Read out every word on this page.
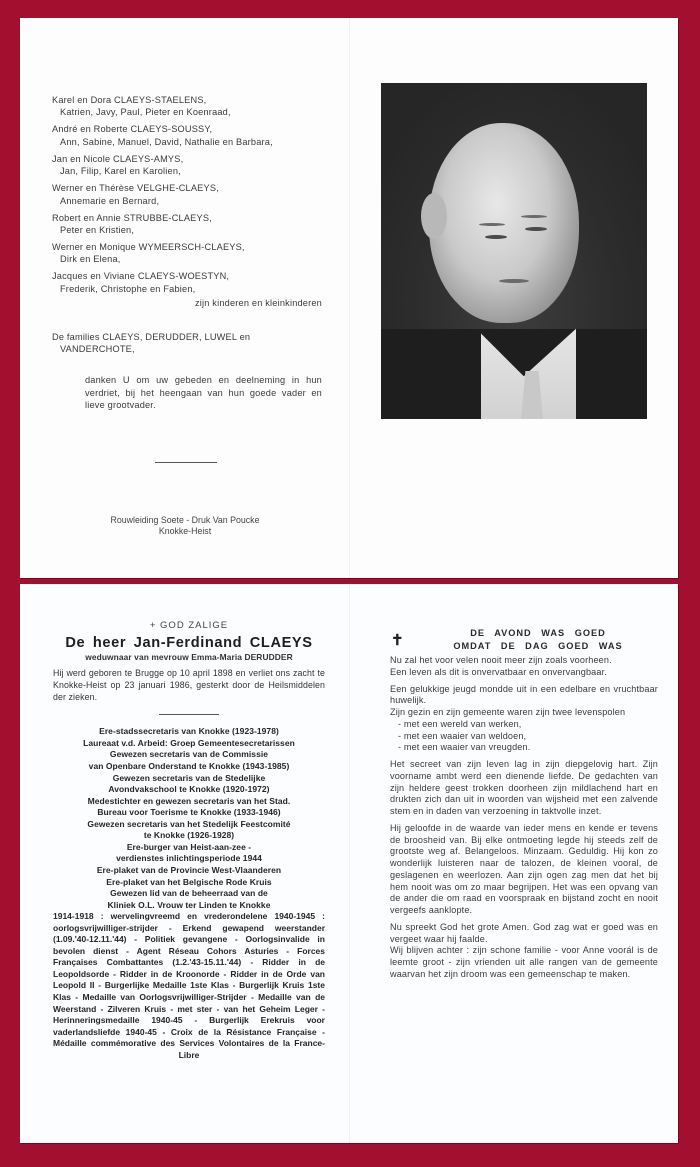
Karel en Dora CLAEYS-STAELENS,
Katrien, Javy, Paul, Pieter en Koenraad,
André en Roberte CLAEYS-SOUSSY,
Ann, Sabine, Manuel, David, Nathalie en Barbara,
Jan en Nicole CLAEYS-AMYS,
Jan, Filip, Karel en Karolien,
Werner en Thérèse VELGHE-CLAEYS,
Annemarie en Bernard,
Robert en Annie STRUBBE-CLAEYS,
Peter en Kristien,
Werner en Monique WYMEERSCH-CLAEYS,
Dirk en Elena,
Jacques en Viviane CLAEYS-WOESTYN,
Frederik, Christophe en Fabien,
zijn kinderen en kleinkinderen
De families CLAEYS, DERUDDER, LUWEL en
VANDERCHOTE,
danken U om uw gebeden en deelneming in hun verdriet, bij het heengaan van hun goede vader en lieve grootvader.
Rouwleiding Soete - Druk Van Poucke
Knokke-Heist
+ GOD ZALIGE
De heer Jan-Ferdinand CLAEYS
weduwnaar van mevrouw Emma-Maria DERUDDER
Hij werd geboren te Brugge op 10 april 1898 en verliet ons zacht te Knokke-Heist op 23 januari 1986, gesterkt door de Heilsmiddelen der zieken.
Ere-stadssecretaris van Knokke (1923-1978)
Laureaat v.d. Arbeid: Groep Gemeentesecretarissen
Gewezen secretaris van de Commissie
van Openbare Onderstand te Knokke (1943-1985)
Gewezen secretaris van de Stedelijke
Avondvakschool te Knokke (1920-1972)
Medestichter en gewezen secretaris van het Stad.
Bureau voor Toerisme te Knokke (1933-1946)
Gewezen secretaris van het Stedelijk Feestcomité
te Knokke (1926-1928)
Ere-burger van Heist-aan-zee -
verdienstes inlichtingsperiode 1944
Ere-plaket van de Provincie West-Vlaanderen
Ere-plaket van het Belgische Rode Kruis
Gewezen lid van de beheerraad van de
Kliniek O.L. Vrouw ter Linden te Knokke
1914-1918 : wervelingvreemd en vrederondelene 1940-1945 : oorlogsvrijwilliger-strijder - Erkend gewapend weerstander (1.09.'40-12.11.'44) - Politiek gevangene - Oorlogsinvalide in bevolen dienst - Agent Réseau Cohors Asturies - Forces Françaises Combattantes (1.2.'43-15.11.'44) - Ridder in de Leopoldsorde - Ridder in de Kroonorde - Ridder in de Orde van Leopold II - Burgerlijke Medaille 1ste Klas - Burgerlijk Kruis 1ste Klas - Medaille van Oorlogsvrijwilliger-Strijder - Medaille van de Weerstand - Zilveren Kruis - met ster - van het Geheim Leger - Herinneringsmedaille 1940-45 - Burgerlijk Erekruis voor vaderlandsliefde 1940-45 - Croix de la Résistance Française - Médaille commémorative des Services Volontaires de la France-Libre
✝	DE AVOND WAS GOED
OMDAT DE DAG GOED WAS

Nu zal het voor velen nooit meer zijn zoals voorheen.

Een leven als dit is onvervatbaar en onvervangbaar.

Een gelukkige jeugd mondde uit in een edelbare en vruchtbaar huwelijk.

Zijn gezin en zijn gemeente waren zijn twee levenspolen

- met een wereld van werken,
- met een waaier van weldoen,
- met een waaier van vreugden.

Het secreet van zijn leven lag in zijn diepgelovig hart. Zijn voorname ambt werd een dienende liefde. De gedachten van zijn heldere geest trokken doorheen zijn mildlachend hart en drukten zich dan uit in woorden van wijsheid met een zalvende stem en in daden van verzoening in taktvolle inzet.

Hij geloofde in de waarde van ieder mens en kende er tevens de broosheid van. Bij elke ontmoeting legde hij steeds zelf de grootste weg af. Belangeloos. Minzaam. Geduldig. Hij kon zo wonderlijk luisteren naar de talozen, de kleinen vooral, de geslagenen en weerlozen. Aan zijn ogen zag men dat het bij hem nooit was om zo maar begrijpen. Het was een opvang van de ander die om raad en voorspraak en bijstand zocht en nooit vergeefs aanklopte.

Nu spreekt God het grote Amen. God zag wat er goed was en vergeet waar hij faalde.

Wij blijven achter : zijn schone familie - voor Anne voorál is de leemte groot - zijn vrienden uit alle rangen van de gemeente waarvan het zijn droom was een gemeenschap te maken.
